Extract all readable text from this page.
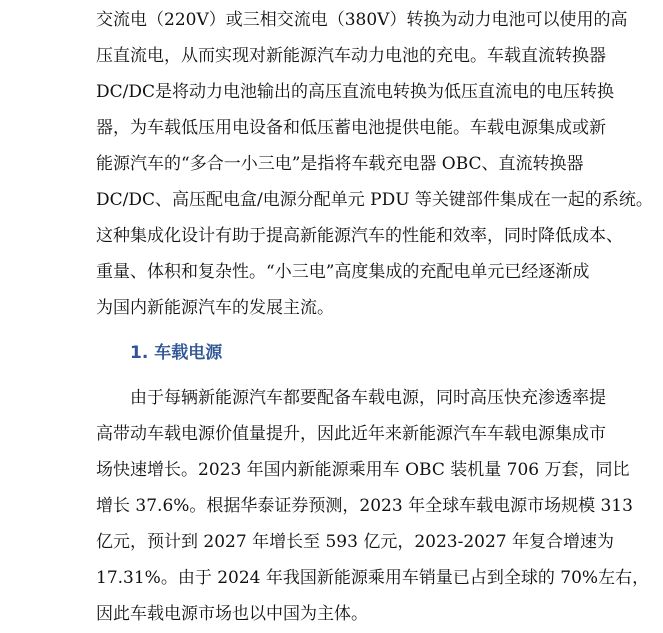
交流电（220V）或三相交流电（380V）转换为动力电池可以使用的高
压直流电，从而实现对新能源汽车动力电池的充电。车载直流转换器
DC/DC是将动力电池输出的高压直流电转换为低压直流电的电压转换
器，为车载低压用电设备和低压蓄电池提供电能。车载电源集成或新
能源汽车的“多合一小三电”是指将车载充电器 OBC、直流转换器
DC/DC、高压配电盒/电源分配单元 PDU 等关键部件集成在一起的系统。
这种集成化设计有助于提高新能源汽车的性能和效率，同时降低成本、
重量、体积和复杂性。“小三电”高度集成的充配电单元已经逐渐成
为国内新能源汽车的发展主流。
1. 车载电源
由于每辆新能源汽车都要配备车载电源，同时高压快充渗透率提
高带动车载电源价值量提升，因此近年来新能源汽车车载电源集成市
场快速增长。2023 年国内新能源乘用车 OBC 装机量 706 万套，同比
增长 37.6%。根据华泰证券预测，2023 年全球车载电源市场规模 313
亿元，预计到 2027 年增长至 593 亿元，2023-2027 年复合增速为
17.31%。由于 2024 年我国新能源乘用车销量已占到全球的 70%左右，
因此车载电源市场也以中国为主体。
